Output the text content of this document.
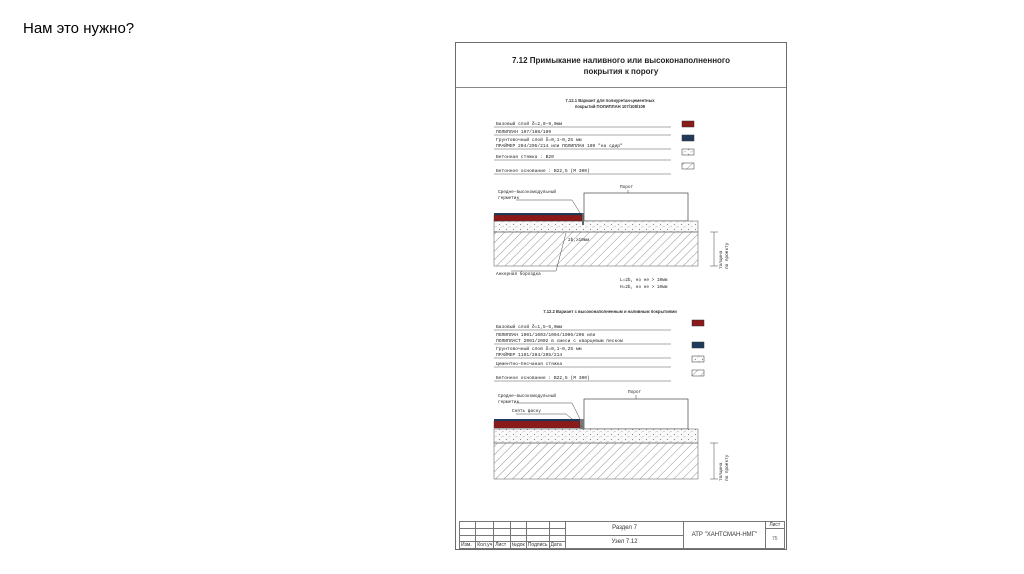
Нам это нужно?
7.12 Примыкание наливного или высоконаполненного
покрытия к порогу
7.12.1 Вариант для полиуретан-цементных
покрытий ПОЛИПЛАН 107/108/109
Базовый слой δ=2,0–9,0мм
ПОЛИПЛАН 107/108/109
Грунтовочный слой δ=0,1–0,25 мм
ПРАЙМЕР 204/205/214 или ПОЛИПЛАН 109 "на сдир"
Бетонная стяжка : В20
Бетонное основание : В22,5 (М 300)
Средне–высокомодульный
герметик
Порог
2b,≥10мм
Анкерная бороздка
L=2b, но не > 10мм
H=2b, но не > 10мм
толщина по проекту
7.12.2 Вариант с высоконаполненным и наливным покрытиями
Базовый слой δ=1,5–5,0мм
ПОЛИПЛАН 1001/1003/1004/1006/206 или
ПОЛИПЛАСТ 2001/2002 в смеси с кварцевым песком
Грунтовочный слой δ=0,1–0,25 мм
ПРАЙМЕР 1101/204/205/214
Цементно–песчаная стяжка
Бетонное основание : В22,5 (М 300)
Средне–высокомодульный
герметик
Снять фаску
Порог
толщина по проекту
						Раздел 7	АТР "ХАНТСМАН-НМГ"	Лист
								75
						Узел 7.12		
Изм.	Кол.уч	Лист	№док	Подпись	Дата			
